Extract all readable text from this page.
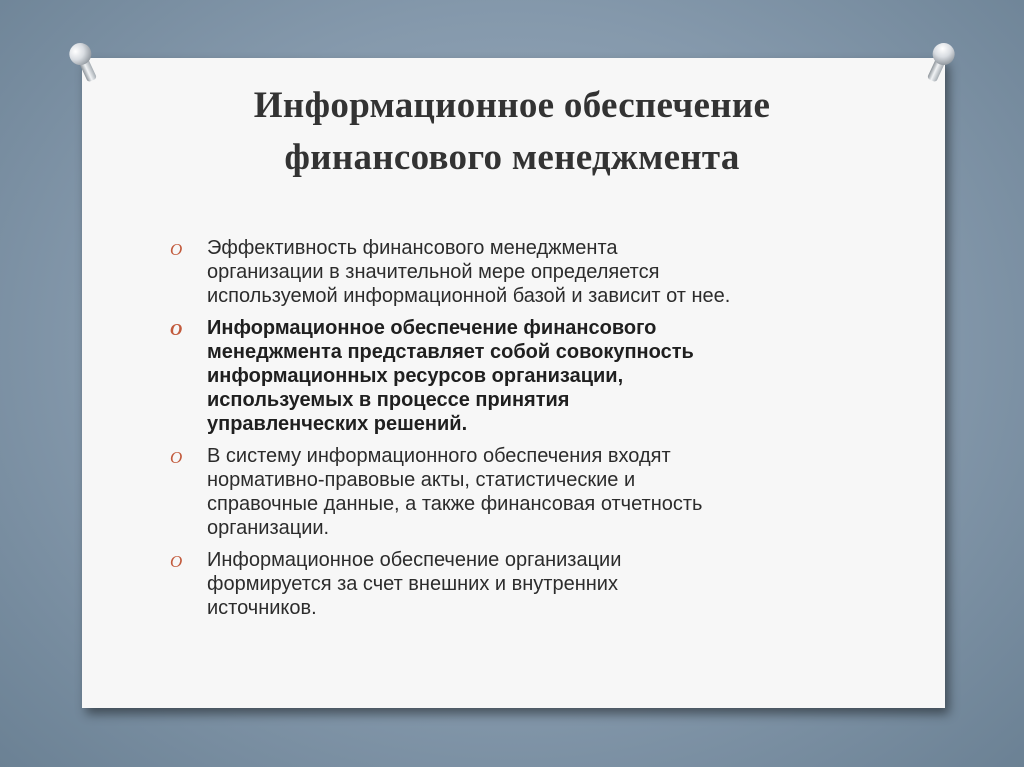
Информационное обеспечение
финансового менеджмента
O Эффективность финансового менеджмента
организации в значительной мере определяется
используемой информационной базой и зависит от нее.
O Информационное обеспечение финансового
менеджмента представляет собой совокупность
информационных ресурсов организации,
используемых в процессе принятия
управленческих решений.
O В систему информационного обеспечения входят
нормативно-правовые акты, статистические и
справочные данные, а также финансовая отчетность
организации.
O Информационное обеспечение организации
формируется за счет внешних и внутренних
источников.
